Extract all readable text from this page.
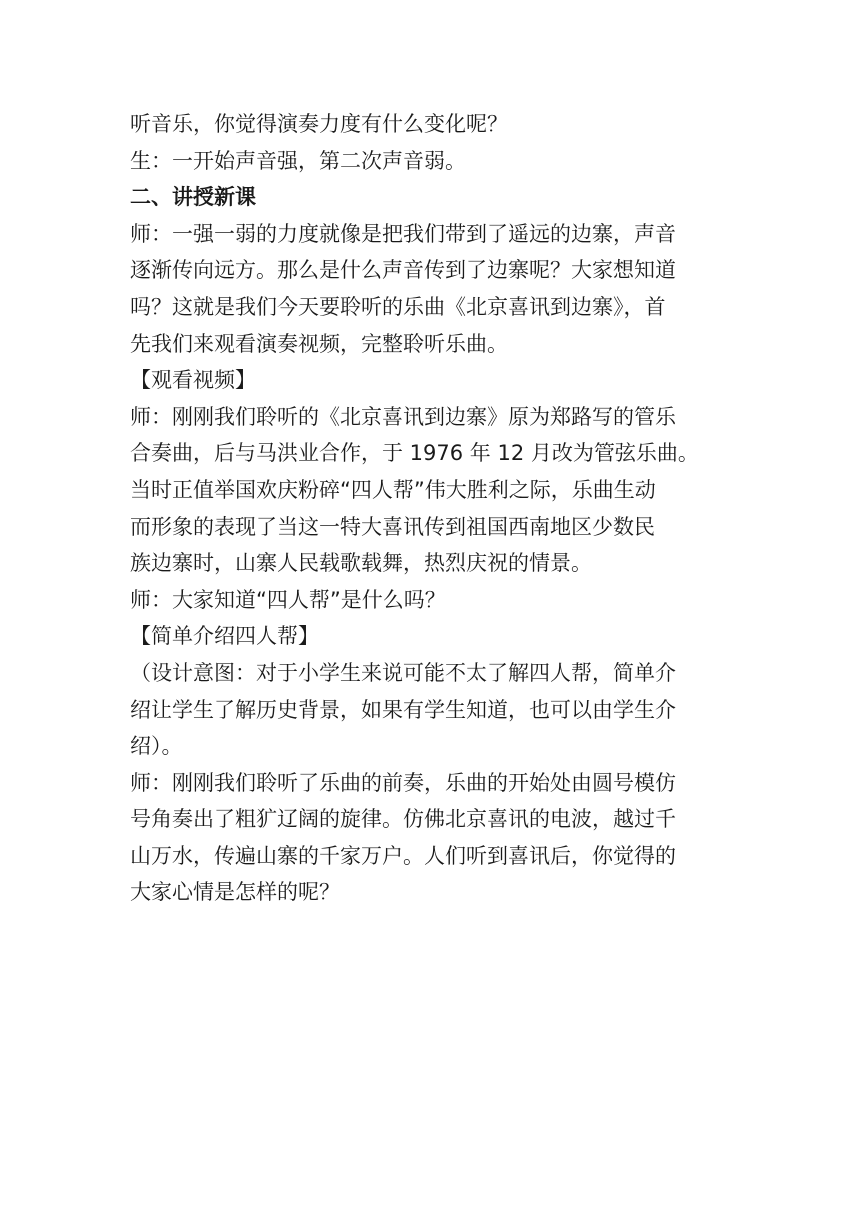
听音乐，你觉得演奏力度有什么变化呢？
生：一开始声音强，第二次声音弱。
二、讲授新课
师：一强一弱的力度就像是把我们带到了遥远的边寨，声音
逐渐传向远方。那么是什么声音传到了边寨呢？大家想知道
吗？这就是我们今天要聆听的乐曲《北京喜讯到边寨》，首
先我们来观看演奏视频，完整聆听乐曲。
【观看视频】
师：刚刚我们聆听的《北京喜讯到边寨》原为郑路写的管乐
合奏曲，后与马洪业合作，于 1976 年 12 月改为管弦乐曲。
当时正值举国欢庆粉碎“四人帮”伟大胜利之际，乐曲生动
而形象的表现了当这一特大喜讯传到祖国西南地区少数民
族边寨时，山寨人民载歌载舞，热烈庆祝的情景。
师：大家知道“四人帮”是什么吗？
【简单介绍四人帮】
（设计意图：对于小学生来说可能不太了解四人帮，简单介
绍让学生了解历史背景，如果有学生知道，也可以由学生介
绍）。
师：刚刚我们聆听了乐曲的前奏，乐曲的开始处由圆号模仿
号角奏出了粗犷辽阔的旋律。仿佛北京喜讯的电波，越过千
山万水，传遍山寨的千家万户。人们听到喜讯后，你觉得的
大家心情是怎样的呢？
